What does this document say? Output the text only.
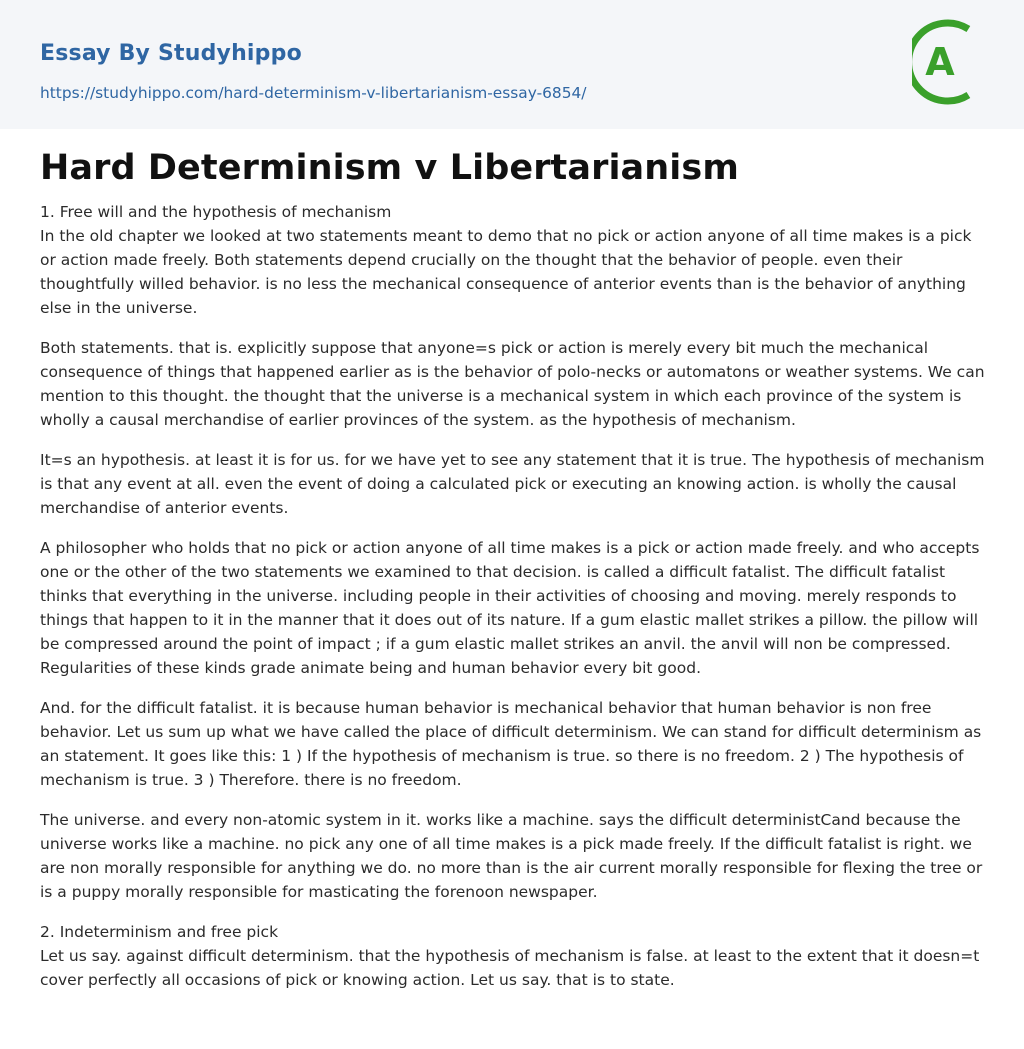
Essay By Studyhippo
https://studyhippo.com/hard-determinism-v-libertarianism-essay-6854/
A
Hard Determinism v Libertarianism

1. Free will and the hypothesis of mechanism
In the old chapter we looked at two statements meant to demo that no pick or action anyone of all time makes is a pick or action made freely. Both statements depend crucially on the thought that the behavior of people. even their thoughtfully willed behavior. is no less the mechanical consequence of anterior events than is the behavior of anything else in the universe.

Both statements. that is. explicitly suppose that anyone=s pick or action is merely every bit much the mechanical consequence of things that happened earlier as is the behavior of polo-necks or automatons or weather systems. We can mention to this thought. the thought that the universe is a mechanical system in which each province of the system is wholly a causal merchandise of earlier provinces of the system. as the hypothesis of mechanism.

It=s an hypothesis. at least it is for us. for we have yet to see any statement that it is true. The hypothesis of mechanism is that any event at all. even the event of doing a calculated pick or executing an knowing action. is wholly the causal merchandise of anterior events.

A philosopher who holds that no pick or action anyone of all time makes is a pick or action made freely. and who accepts one or the other of the two statements we examined to that decision. is called a difficult fatalist. The difficult fatalist thinks that everything in the universe. including people in their activities of choosing and moving. merely responds to things that happen to it in the manner that it does out of its nature. If a gum elastic mallet strikes a pillow. the pillow will be compressed around the point of impact ; if a gum elastic mallet strikes an anvil. the anvil will non be compressed. Regularities of these kinds grade animate being and human behavior every bit good.

And. for the difficult fatalist. it is because human behavior is mechanical behavior that human behavior is non free behavior. Let us sum up what we have called the place of difficult determinism. We can stand for difficult determinism as an statement. It goes like this: 1 ) If the hypothesis of mechanism is true. so there is no freedom. 2 ) The hypothesis of mechanism is true. 3 ) Therefore. there is no freedom.

The universe. and every non-atomic system in it. works like a machine. says the difficult deterministCand because the universe works like a machine. no pick any one of all time makes is a pick made freely. If the difficult fatalist is right. we are non morally responsible for anything we do. no more than is the air current morally responsible for flexing the tree or is a puppy morally responsible for masticating the forenoon newspaper.

2. Indeterminism and free pick
Let us say. against difficult determinism. that the hypothesis of mechanism is false. at least to the extent that it doesn=t cover perfectly all occasions of pick or knowing action. Let us say. that is to state.
